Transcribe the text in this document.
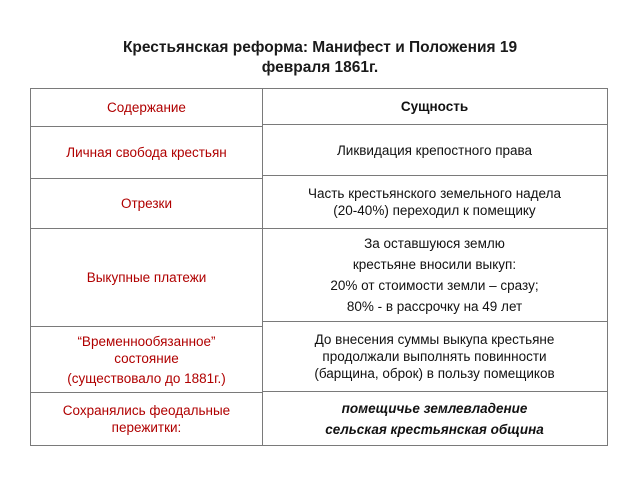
Крестьянская реформа: Манифест и Положения 19
февраля 1861г.
Содержание	Сущность
Личная свобода крестьян	Ликвидация крепостного права
Отрезки
Часть крестьянского земельного надела
(20-40%) переходил к помещику
Выкупные платежи
За оставшуюся землю
крестьяне вносили выкуп:
20% от стоимости земли – сразу;
80% - в рассрочку на 49 лет
“Временнообязанное”
состояние
(существовало до 1881г.)
До внесения суммы выкупа крестьяне
продолжали выполнять повинности
(барщина, оброк) в пользу помещиков
Сохранялись феодальные
пережитки:
помещичье землевладение
сельская крестьянская община
